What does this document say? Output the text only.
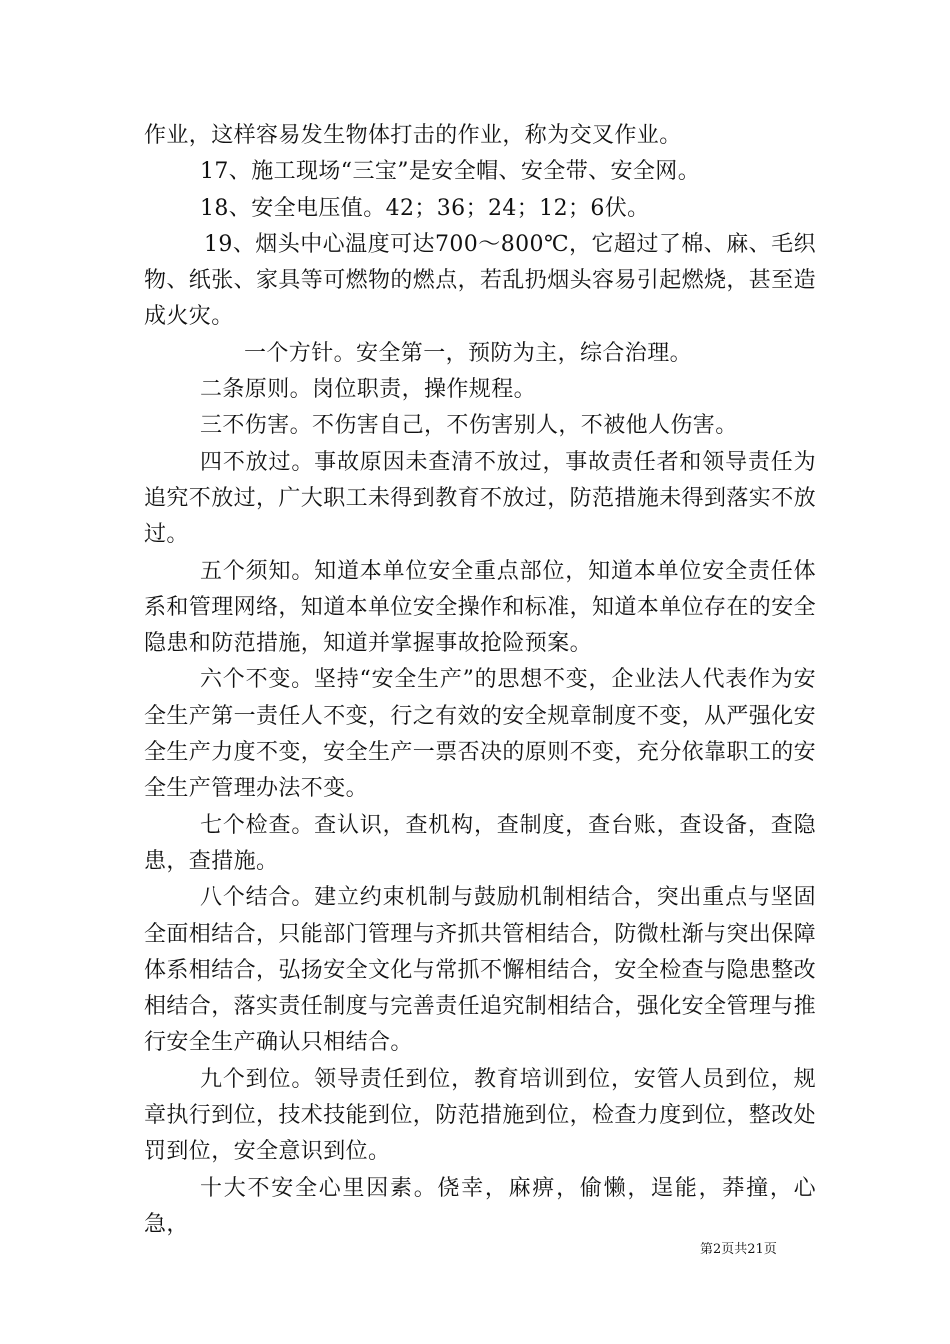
作业，这样容易发生物体打击的作业，称为交叉作业。

17、施工现场“三宝”是安全帽、安全带、安全网。

18、安全电压值。42；36；24；12；6伏。

19、烟头中心温度可达700～800℃，它超过了棉、麻、毛织物、纸张、家具等可燃物的燃点，若乱扔烟头容易引起燃烧，甚至造成火灾。

一个方针。安全第一，预防为主，综合治理。

二条原则。岗位职责，操作规程。

三不伤害。不伤害自己，不伤害别人，不被他人伤害。

四不放过。事故原因未查清不放过，事故责任者和领导责任为追究不放过，广大职工未得到教育不放过，防范措施未得到落实不放过。

五个须知。知道本单位安全重点部位，知道本单位安全责任体系和管理网络，知道本单位安全操作和标准，知道本单位存在的安全隐患和防范措施，知道并掌握事故抢险预案。

六个不变。坚持“安全生产”的思想不变，企业法人代表作为安全生产第一责任人不变，行之有效的安全规章制度不变，从严强化安全生产力度不变，安全生产一票否决的原则不变，充分依靠职工的安全生产管理办法不变。

七个检查。查认识，查机构，查制度，查台账，查设备，查隐患，查措施。

八个结合。建立约束机制与鼓励机制相结合，突出重点与坚固全面相结合，只能部门管理与齐抓共管相结合，防微杜渐与突出保障体系相结合，弘扬安全文化与常抓不懈相结合，安全检查与隐患整改相结合，落实责任制度与完善责任追究制相结合，强化安全管理与推行安全生产确认只相结合。

九个到位。领导责任到位，教育培训到位，安管人员到位，规章执行到位，技术技能到位，防范措施到位，检查力度到位，整改处罚到位，安全意识到位。

十大不安全心里因素。侥幸，麻痹，偷懒，逞能，莽撞，心急，

第2页共21页
